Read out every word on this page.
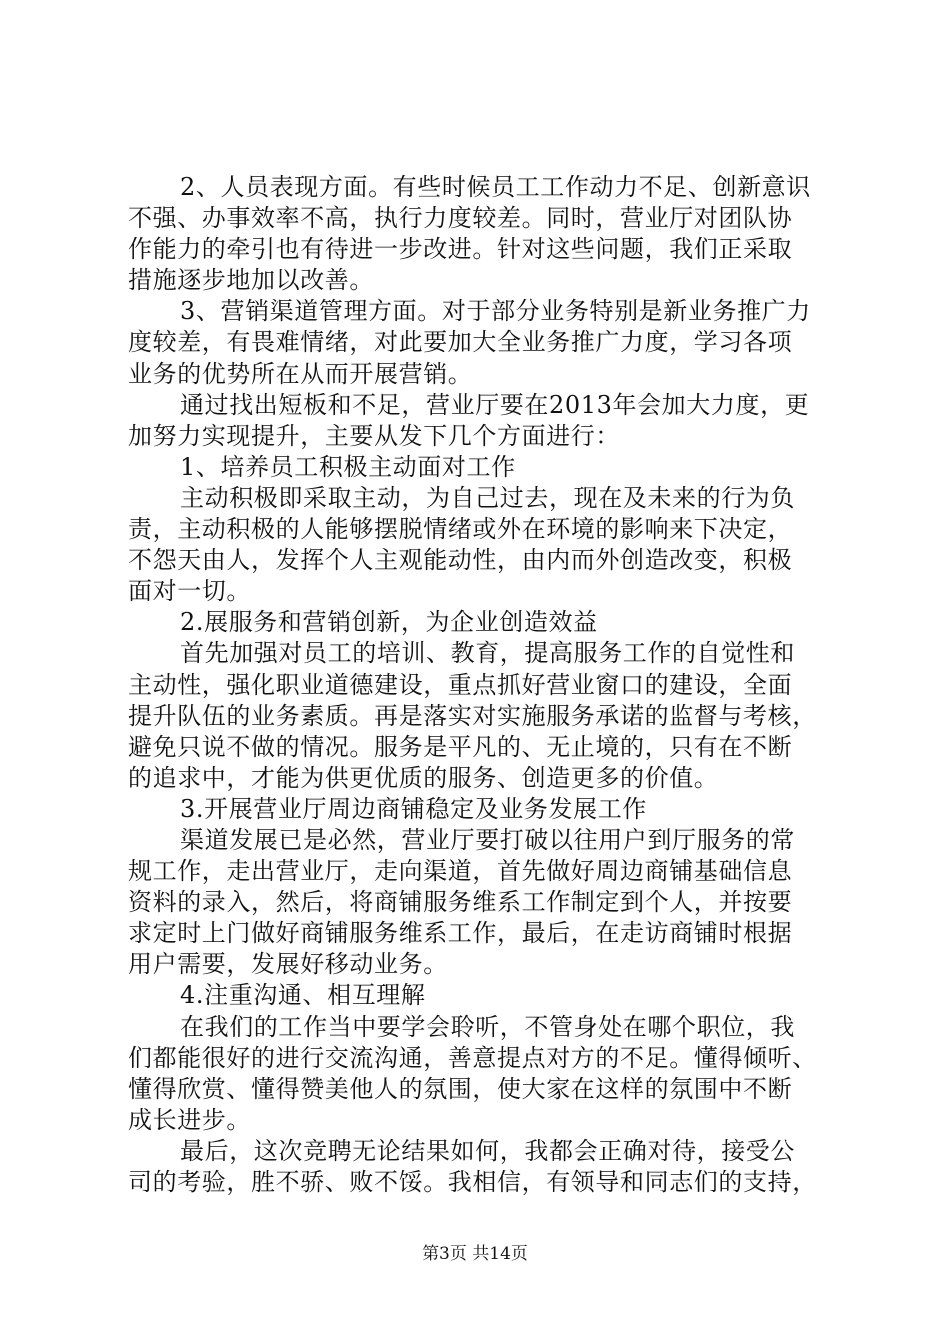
2、人员表现方面。有些时候员工工作动力不足、创新意识
不强、办事效率不高，执行力度较差。同时，营业厅对团队协
作能力的牵引也有待进一步改进。针对这些问题，我们正采取
措施逐步地加以改善。
3、营销渠道管理方面。对于部分业务特别是新业务推广力
度较差，有畏难情绪，对此要加大全业务推广力度，学习各项
业务的优势所在从而开展营销。
通过找出短板和不足，营业厅要在2013年会加大力度，更
加努力实现提升，主要从发下几个方面进行：
1、培养员工积极主动面对工作
主动积极即采取主动，为自己过去，现在及未来的行为负
责，主动积极的人能够摆脱情绪或外在环境的影响来下决定，
不怨天由人，发挥个人主观能动性，由内而外创造改变，积极
面对一切。
2.展服务和营销创新，为企业创造效益
首先加强对员工的培训、教育，提高服务工作的自觉性和
主动性，强化职业道德建设，重点抓好营业窗口的建设，全面
提升队伍的业务素质。再是落实对实施服务承诺的监督与考核，
避免只说不做的情况。服务是平凡的、无止境的，只有在不断
的追求中，才能为供更优质的服务、创造更多的价值。
3.开展营业厅周边商铺稳定及业务发展工作
渠道发展已是必然，营业厅要打破以往用户到厅服务的常
规工作，走出营业厅，走向渠道，首先做好周边商铺基础信息
资料的录入，然后，将商铺服务维系工作制定到个人，并按要
求定时上门做好商铺服务维系工作，最后，在走访商铺时根据
用户需要，发展好移动业务。
4.注重沟通、相互理解
在我们的工作当中要学会聆听，不管身处在哪个职位，我
们都能很好的进行交流沟通，善意提点对方的不足。懂得倾听、
懂得欣赏、懂得赞美他人的氛围，使大家在这样的氛围中不断
成长进步。
最后，这次竞聘无论结果如何，我都会正确对待，接受公
司的考验，胜不骄、败不馁。我相信，有领导和同志们的支持，
第3页 共14页
